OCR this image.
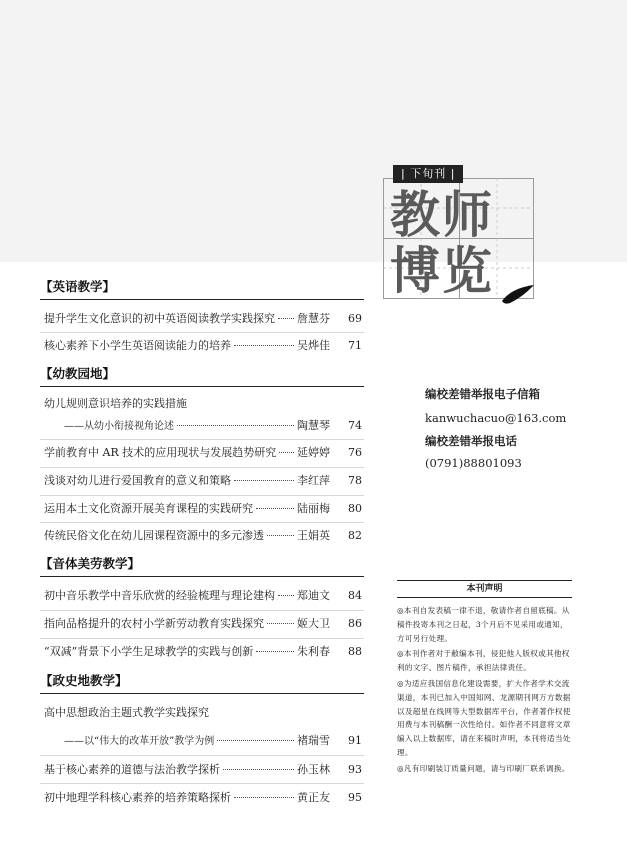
| 下旬刊 |
教师
博览
【英语教学】
提升学生文化意识的初中英语阅读教学实践探究 詹慧芬	69
核心素养下小学生英语阅读能力的培养	吴烨佳	71
【幼教园地】
幼儿规则意识培养的实践措施
——从幼小衔接视角论述	陶慧琴	74
学前教育中 AR 技术的应用现状与发展趋势研究 延婷婷	76
浅谈对幼儿进行爱国教育的意义和策略	李红萍	78
运用本土文化资源开展美育课程的实践研究	陆丽梅	80
传统民俗文化在幼儿园课程资源中的多元渗透	王娟英	82
【音体美劳教学】
初中音乐教学中音乐欣赏的经验梳理与理论建构 郑迪文	84
指向品格提升的农村小学新劳动教育实践探究	姬大卫	86
“双减”背景下小学生足球教学的实践与创新	朱利春	88
【政史地教学】
高中思想政治主题式教学实践探究
——以“伟大的改革开放”教学为例	褚瑞雪	91
基于核心素养的道德与法治教学探析	孙玉林	93
初中地理学科核心素养的培养策略探析	黄正友	95
编校差错举报电子信箱
kanwuchacuo@163.com
编校差错举报电话
(0791)88801093
本刊声明
◎本刊自发表稿一律不退，敬请作者自留底稿。从稿件投寄本刊之日起，3个月后不见采用或通知，方可另行处理。
◎本刊作者对于敝编本刊，侵犯他人版权或其他权利的文字、图片稿件，承担法律责任。
◎为适应我国信息化建设需要，扩大作者学术交流渠道，本刊已加入中国知网、龙源期刊网万方数据以及超星在线网等大型数据库平台，作者著作权使用费与本刊稿酬一次性给付。如作者不同意将文章编入以上数据库，请在来稿时声明，本刊将适当处理。
◎凡有印刷装订质量问题，请与印刷厂联系调换。
